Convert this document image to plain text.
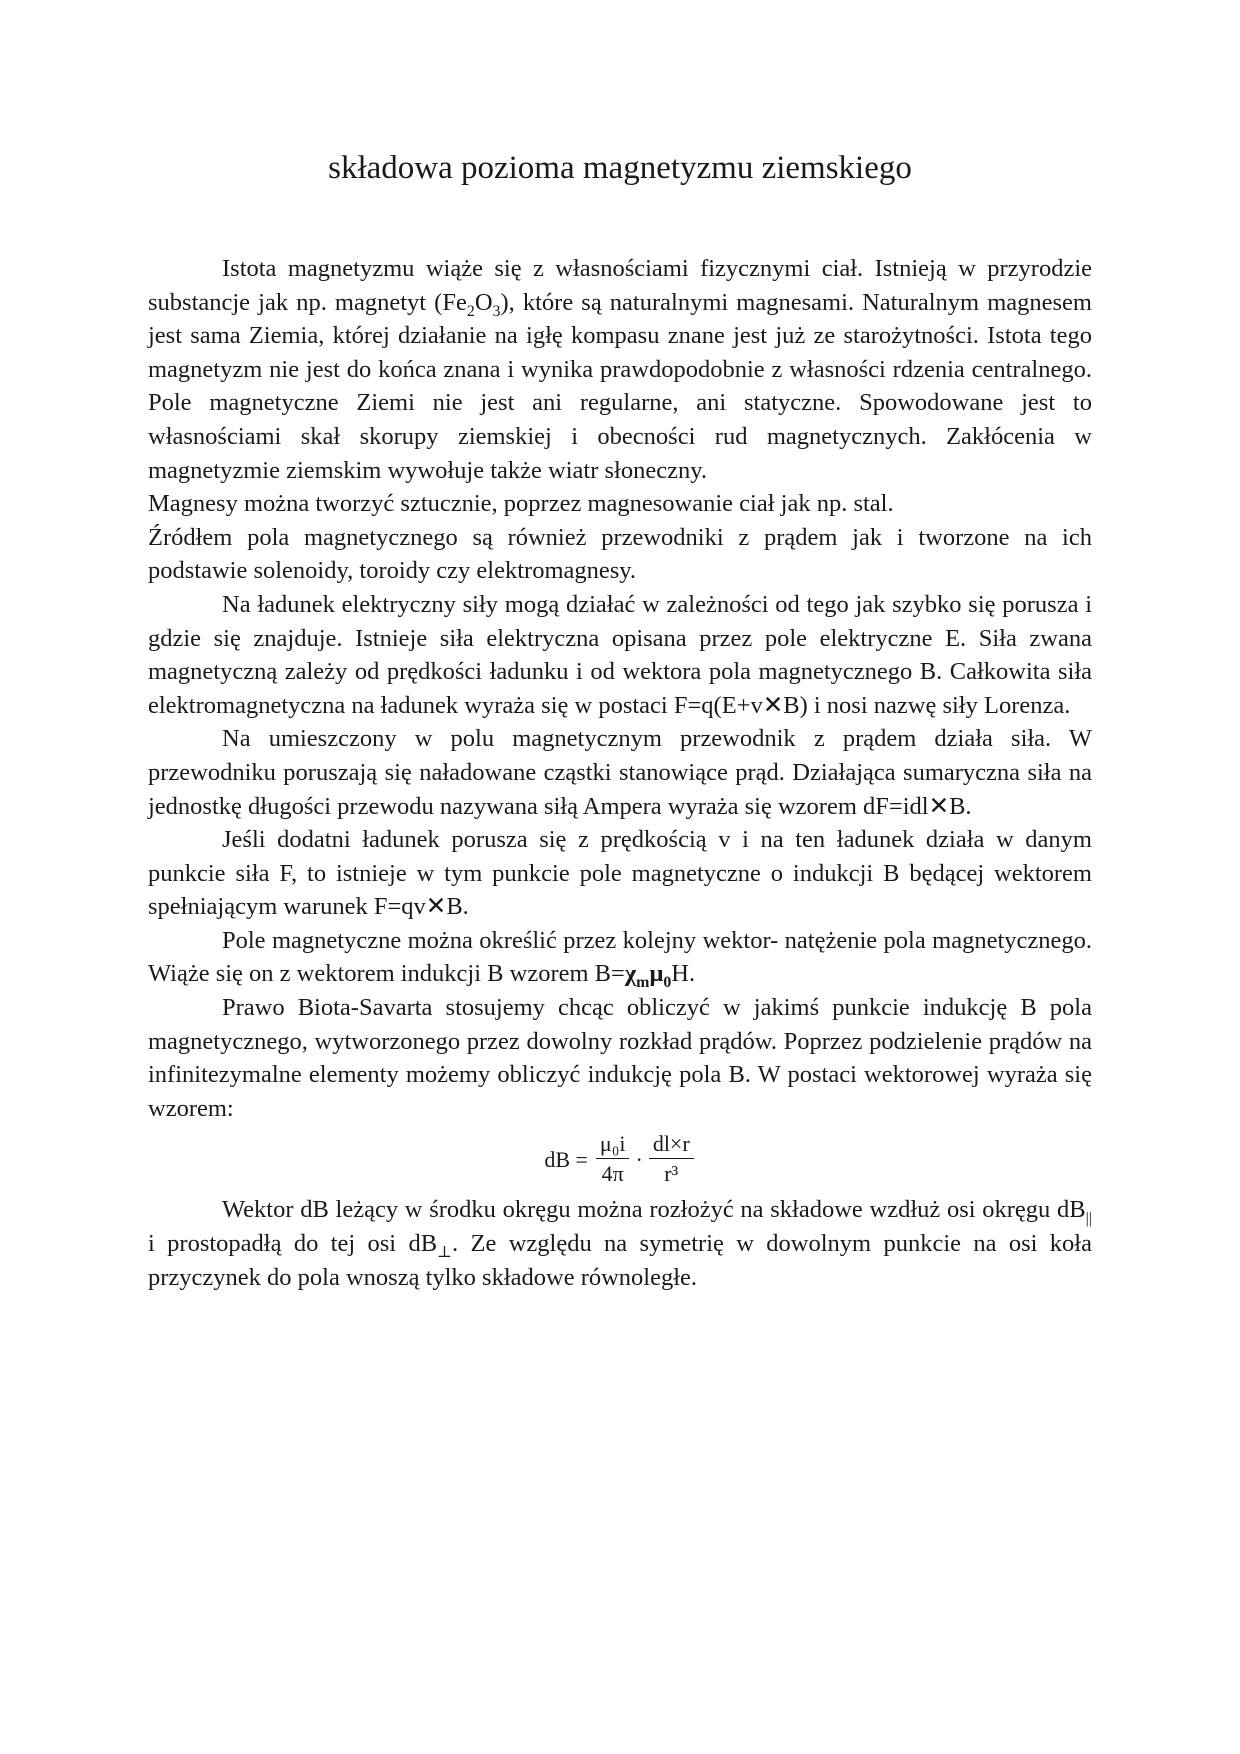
składowa pozioma magnetyzmu ziemskiego

Istota magnetyzmu wiąże się z własnościami fizycznymi ciał. Istnieją w przyrodzie substancje jak np. magnetyt $(Fe_2O_3)$, które są naturalnymi magnesami. Naturalnym magnesem jest sama Ziemia, której działanie na igłę kompasu znane jest już ze starożytności. Istota tego magnetyzm nie jest do końca znana i wynika prawdopodobnie z własności rdzenia centralnego. Pole magnetyczne Ziemi nie jest ani regularne, ani statyczne. Spowodowane jest to własnościami skał skorupy ziemskiej i obecności rud magnetycznych. Zakłócenia w magnetyzmie ziemskim wywołuje także wiatr słoneczny.

Magnesy można tworzyć sztucznie, poprzez magnesowanie ciał jak np. stal.

Źródłem pola magnetycznego są również przewodniki z prądem jak i tworzone na ich podstawie solenoidy, toroidy czy elektromagnesy.

Na ładunek elektryczny siły mogą działać w zależności od tego jak szybko się porusza i gdzie się znajduje. Istnieje siła elektryczna opisana przez pole elektryczne E. Siła zwana magnetyczną zależy od prędkości ładunku i od wektora pola magnetycznego B. Całkowita siła elektromagnetyczna na ładunek wyraża się w postaci F=q(E+v✕B) i nosi nazwę siły Lorenza.

Na umieszczony w polu magnetycznym przewodnik z prądem działa siła. W przewodniku poruszają się naładowane cząstki stanowiące prąd. Działająca sumaryczna siła na jednostkę długości przewodu nazywana siłą Ampera wyraża się wzorem dF=idl✕B.

Jeśli dodatni ładunek porusza się z prędkością v i na ten ładunek działa w danym punkcie siła F, to istnieje w tym punkcie pole magnetyczne o indukcji B będącej wektorem spełniającym warunek F=qv✕B.

Pole magnetyczne można określić przez kolejny wektor- natężenie pola magnetycznego. Wiąże się on z wektorem indukcji B wzorem $B=\chi_m\mu_0H$.

Prawo Biota-Savarta stosujemy chcąc obliczyć w jakimś punkcie indukcję B pola magnetycznego, wytworzonego przez dowolny rozkład prądów. Poprzez podzielenie prądów na infinitezymalne elementy możemy obliczyć indukcję pola B. W postaci wektorowej wyraża się wzorem:

dB = $\frac{\text{μ₀i}}{4\pi} \cdot \frac{dl\times r}{\text{r³}}$

Wektor dB leżący w środku okręgu można rozłożyć na składowe wzdłuż osi okręgu $dB_{||}$ i prostopadłą do tej osi $dB_\perp$. Ze względu na symetrię w dowolnym punkcie na osi koła przyczynek do pola wnoszą tylko składowe równoległe.
